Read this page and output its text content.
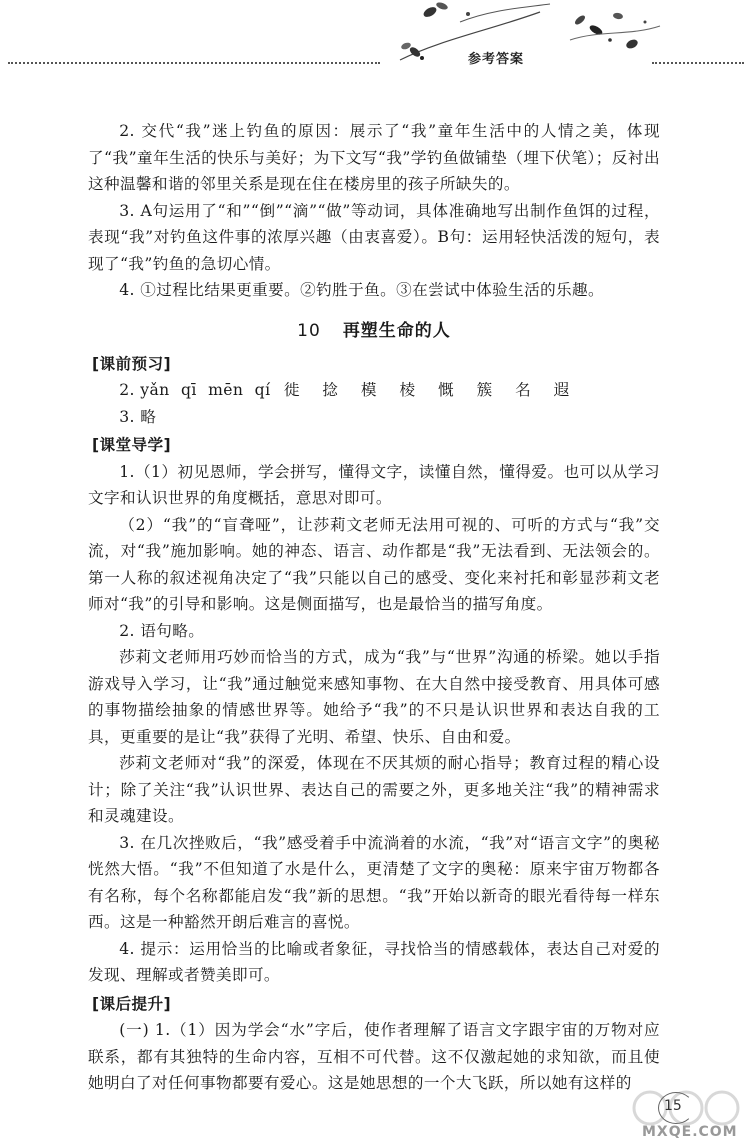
参考答案

2. 交代“我”迷上钓鱼的原因：展示了“我”童年生活中的人情之美，体现了“我”童年生活的快乐与美好；为下文写“我”学钓鱼做铺垫（埋下伏笔）；反衬出这种温馨和谐的邻里关系是现在住在楼房里的孩子所缺失的。

3. A句运用了“和”“倒”“滴”“做”等动词，具体准确地写出制作鱼饵的过程，表现“我”对钓鱼这件事的浓厚兴趣（由衷喜爱）。B句：运用轻快活泼的短句，表现了“我”钓鱼的急切心情。

4. ①过程比结果更重要。②钓胜于鱼。③在尝试中体验生活的乐趣。

10 再塑生命的人

[课前预习]

2. yǎn qī mēn qí 徙 捻 模 棱 慨 簇 名 遐

3. 略

[课堂导学]

1.（1）初见恩师，学会拼写，懂得文字，读懂自然，懂得爱。也可以从学习文字和认识世界的角度概括，意思对即可。

（2）“我”的“盲聋哑”，让莎莉文老师无法用可视的、可听的方式与“我”交流，对“我”施加影响。她的神态、语言、动作都是“我”无法看到、无法领会的。第一人称的叙述视角决定了“我”只能以自己的感受、变化来衬托和彰显莎莉文老师对“我”的引导和影响。这是侧面描写，也是最恰当的描写角度。

2. 语句略。

莎莉文老师用巧妙而恰当的方式，成为“我”与“世界”沟通的桥梁。她以手指游戏导入学习，让“我”通过触觉来感知事物、在大自然中接受教育、用具体可感的事物描绘抽象的情感世界等。她给予“我”的不只是认识世界和表达自我的工具，更重要的是让“我”获得了光明、希望、快乐、自由和爱。

莎莉文老师对“我”的深爱，体现在不厌其烦的耐心指导；教育过程的精心设计；除了关注“我”认识世界、表达自己的需要之外，更多地关注“我”的精神需求和灵魂建设。

3. 在几次挫败后，“我”感受着手中流淌着的水流，“我”对“语言文字”的奥秘恍然大悟。“我”不但知道了水是什么，更清楚了文字的奥秘：原来宇宙万物都各有名称，每个名称都能启发“我”新的思想。“我”开始以新奇的眼光看待每一样东西。这是一种豁然开朗后难言的喜悦。

4. 提示：运用恰当的比喻或者象征，寻找恰当的情感载体，表达自己对爱的发现、理解或者赞美即可。

[课后提升]

(一) 1.（1）因为学会“水”字后，使作者理解了语言文字跟宇宙的万物对应联系，都有其独特的生命内容，互相不可代替。这不仅激起她的求知欲，而且使她明白了对任何事物都要有爱心。这是她思想的一个大飞跃，所以她有这样的

15
MXQE.COM
